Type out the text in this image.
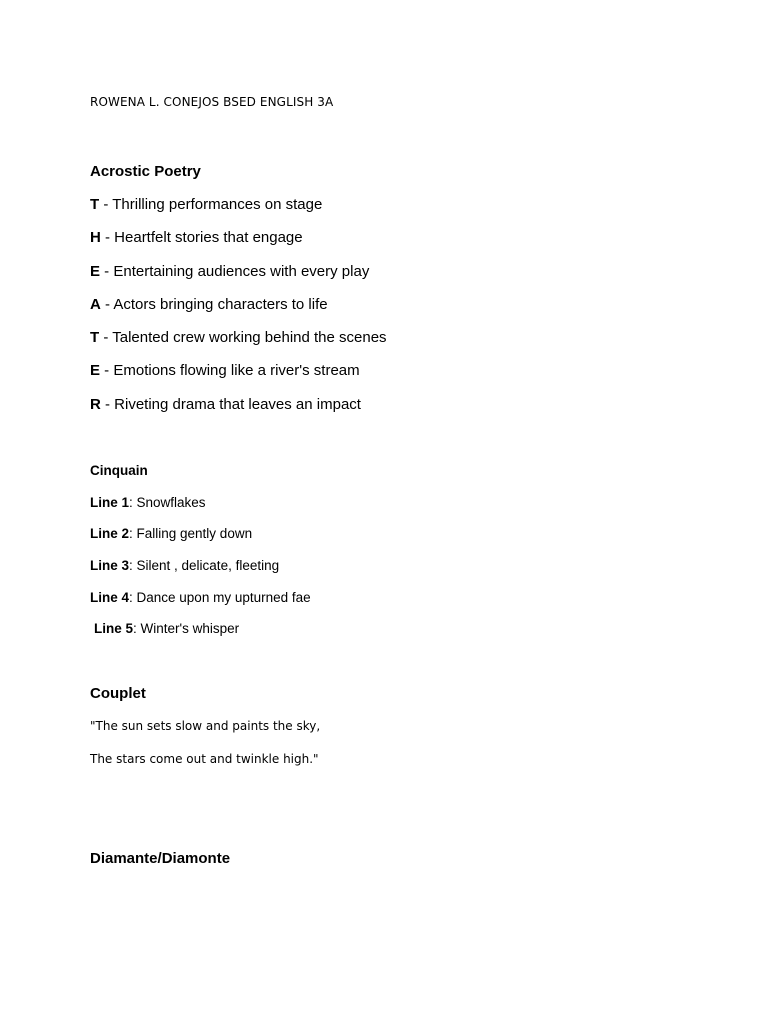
ROWENA L. CONEJOS BSED ENGLISH 3A

Acrostic Poetry

T - Thrilling performances on stage

H - Heartfelt stories that engage

E - Entertaining audiences with every play

A - Actors bringing characters to life

T - Talented crew working behind the scenes

E - Emotions flowing like a river's stream

R - Riveting drama that leaves an impact

Cinquain

Line 1: Snowflakes

Line 2: Falling gently down

Line 3: Silent , delicate, fleeting

Line 4: Dance upon my upturned fae

Line 5: Winter's whisper

Couplet

"The sun sets slow and paints the sky,

The stars come out and twinkle high."

Diamante/Diamonte
